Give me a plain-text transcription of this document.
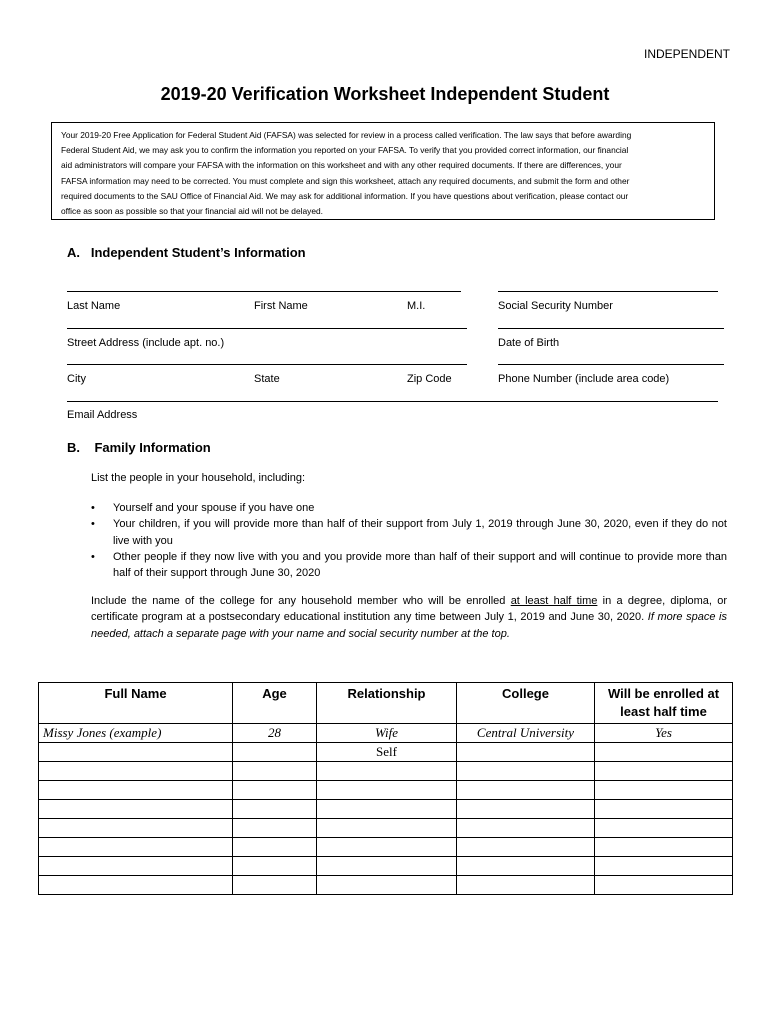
INDEPENDENT
2019-20 Verification Worksheet Independent Student
Your 2019-20 Free Application for Federal Student Aid (FAFSA) was selected for review in a process called verification. The law says that before awarding
Federal Student Aid, we may ask you to confirm the information you reported on your FAFSA. To verify that you provided correct information, our financial
aid administrators will compare your FAFSA with the information on this worksheet and with any other required documents. If there are differences, your
FAFSA information may need to be corrected. You must complete and sign this worksheet, attach any required documents, and submit the form and other
required documents to the SAU Office of Financial Aid. We may ask for additional information. If you have questions about verification, please contact our
office as soon as possible so that your financial aid will not be delayed.
A.   Independent Student’s Information
Last Name	First Name	M.I.	Social Security Number
Street Address (include apt. no.)	Date of Birth
City	State	Zip Code	Phone Number (include area code)
Email Address
B.    Family Information
List the people in your household, including:
• Yourself and your spouse if you have one
• Your children, if you will provide more than half of their support from July 1, 2019 through June 30, 2020, even if they do not live with you
• Other people if they now live with you and you provide more than half of their support and will continue to provide more than half of their support through June 30, 2020
Include the name of the college for any household member who will be enrolled at least half time in a degree, diploma, or certificate program at a postsecondary educational institution any time between July 1, 2019 and June 30, 2020. If more space is needed, attach a separate page with your name and social security number at the top.
Full Name	Age	Relationship	College	Will be enrolled at least half time
Missy Jones (example)	28	Wife	Central University	Yes
		Self		
